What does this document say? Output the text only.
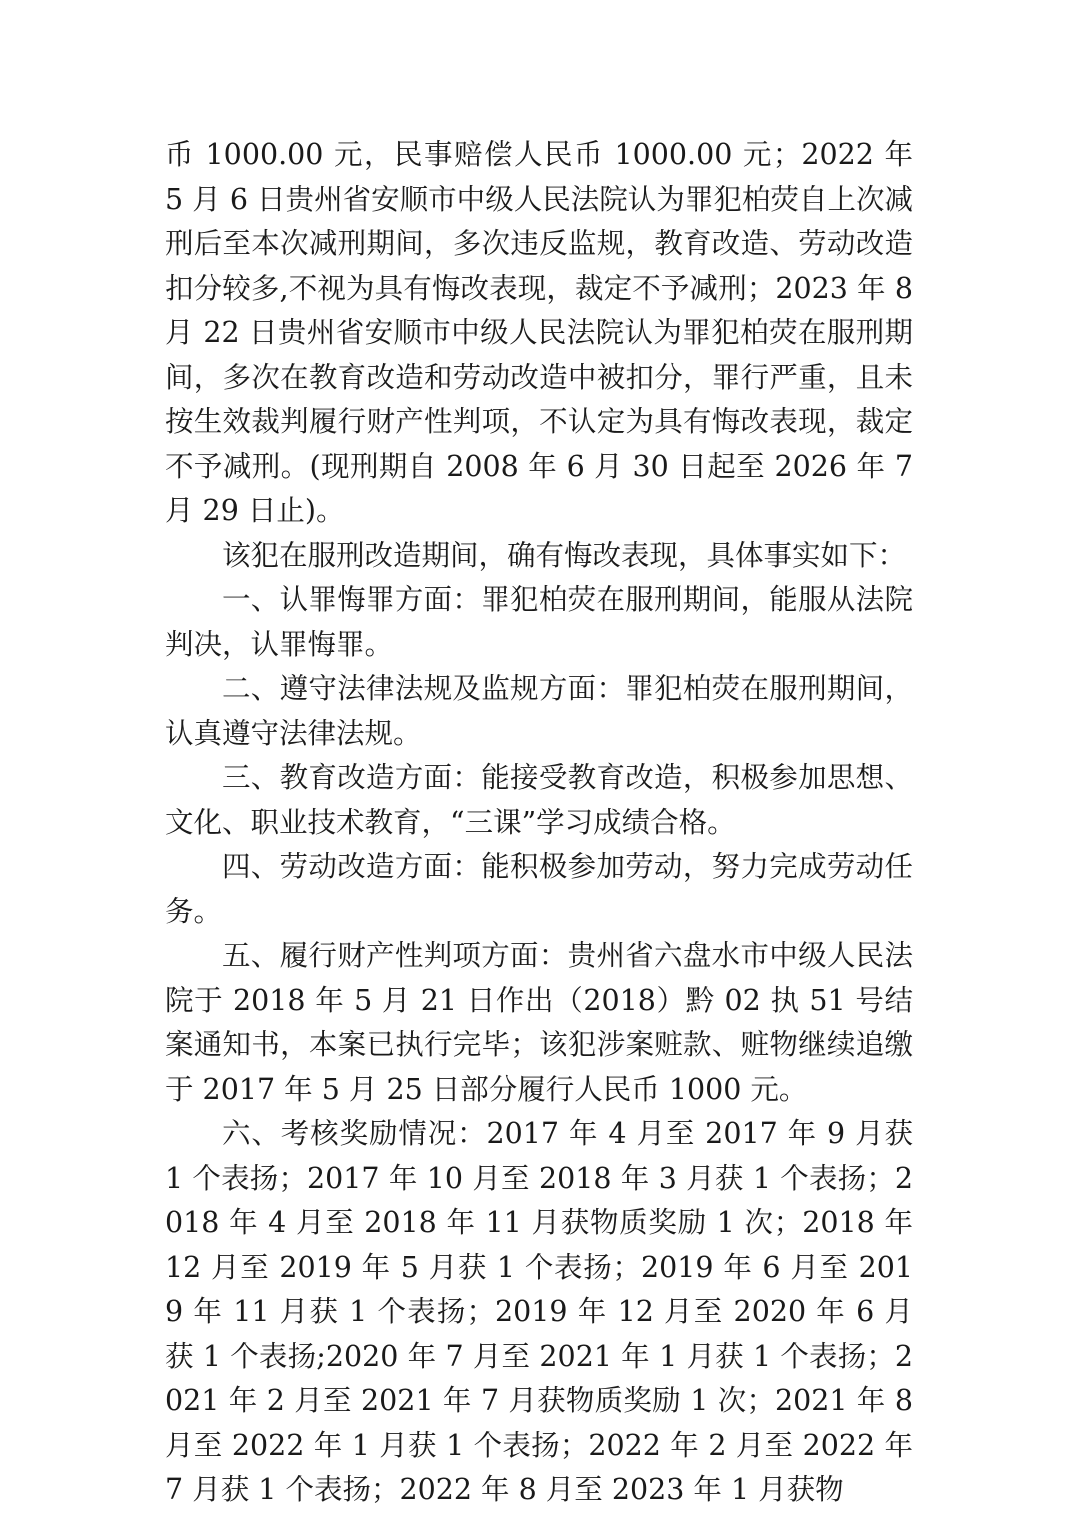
币 1000.00 元，民事赔偿人民币 1000.00 元；2022 年 5 月 6 日贵州省安顺市中级人民法院认为罪犯柏荧自上次减刑后至本次减刑期间，多次违反监规，教育改造、劳动改造扣分较多,不视为具有悔改表现，裁定不予减刑；2023 年 8 月 22 日贵州省安顺市中级人民法院认为罪犯柏荧在服刑期间，多次在教育改造和劳动改造中被扣分，罪行严重，且未按生效裁判履行财产性判项，不认定为具有悔改表现，裁定不予减刑。(现刑期自 2008 年 6 月 30 日起至 2026 年 7 月 29 日止)。

该犯在服刑改造期间，确有悔改表现，具体事实如下：

一、认罪悔罪方面：罪犯柏荧在服刑期间，能服从法院判决，认罪悔罪。

二、遵守法律法规及监规方面：罪犯柏荧在服刑期间，认真遵守法律法规。

三、教育改造方面：能接受教育改造，积极参加思想、文化、职业技术教育，“三课”学习成绩合格。

四、劳动改造方面：能积极参加劳动，努力完成劳动任务。

五、履行财产性判项方面：贵州省六盘水市中级人民法院于 2018 年 5 月 21 日作出（2018）黔 02 执 51 号结案通知书，本案已执行完毕；该犯涉案赃款、赃物继续追缴于 2017 年 5 月 25 日部分履行人民币 1000 元。

六、考核奖励情况：2017 年 4 月至 2017 年 9 月获 1 个表扬；2017 年 10 月至 2018 年 3 月获 1 个表扬；2018 年 4 月至 2018 年 11 月获物质奖励 1 次；2018 年 12 月至 2019 年 5 月获 1 个表扬；2019 年 6 月至 2019 年 11 月获 1 个表扬；2019 年 12 月至 2020 年 6 月获 1 个表扬;2020 年 7 月至 2021 年 1 月获 1 个表扬；2021 年 2 月至 2021 年 7 月获物质奖励 1 次；2021 年 8 月至 2022 年 1 月获 1 个表扬；2022 年 2 月至 2022 年 7 月获 1 个表扬；2022 年 8 月至 2023 年 1 月获物
